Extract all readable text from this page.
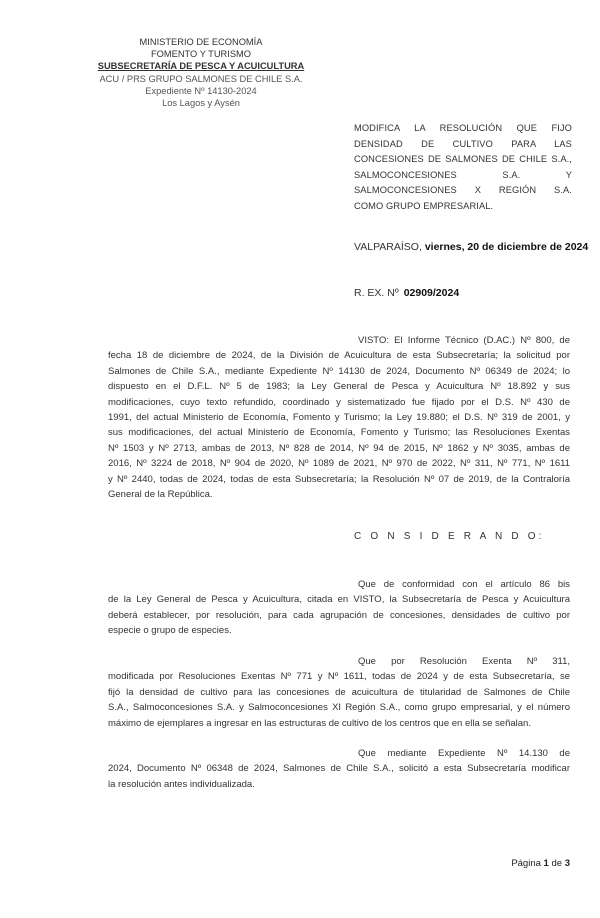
MINISTERIO DE ECONOMÍA
FOMENTO Y TURISMO
SUBSECRETARÍA DE PESCA Y ACUICULTURA
ACU / PRS GRUPO SALMONES DE CHILE S.A.
Expediente Nº 14130-2024
Los Lagos y Aysén
MODIFICA LA RESOLUCIÓN QUE FIJO
DENSIDAD DE CULTIVO PARA LAS
CONCESIONES DE SALMONES DE CHILE S.A.,
SALMOCONCESIONES S.A. Y
SALMOCONCESIONES X REGIÓN S.A.
COMO GRUPO EMPRESARIAL.
VALPARAÍSO, viernes, 20 de diciembre de 2024
R. EX. Nº 02909/2024
VISTO: El Informe Técnico (D.AC.) Nº 800, de
fecha 18 de diciembre de 2024, de la División de Acuicultura de esta Subsecretaría; la solicitud por
Salmones de Chile S.A., mediante Expediente Nº 14130 de 2024, Documento Nº 06349 de 2024; lo
dispuesto en el D.F.L. Nº 5 de 1983; la Ley General de Pesca y Acuicultura Nº 18.892 y sus
modificaciones, cuyo texto refundido, coordinado y sistematizado fue fijado por el D.S. Nº 430 de
1991, del actual Ministerio de Economía, Fomento y Turismo; la Ley 19.880; el D.S. Nº 319 de 2001, y
sus modificaciones, del actual Ministerio de Economía, Fomento y Turismo; las Resoluciones Exentas
Nº 1503 y Nº 2713, ambas de 2013, Nº 828 de 2014, Nº 94 de 2015, Nº 1862 y Nº 3035, ambas de
2016, Nº 3224 de 2018, Nº 904 de 2020, Nº 1089 de 2021, Nº 970 de 2022, Nº 311, Nº 771, Nº 1611
y Nº 2440, todas de 2024, todas de esta Subsecretaría; la Resolución Nº 07 de 2019, de la Contraloría
General de la República.
C O N S I D E R A N D O:
Que de conformidad con el artículo 86 bis
de la Ley General de Pesca y Acuicultura, citada en VISTO, la Subsecretaría de Pesca y Acuicultura
deberá establecer, por resolución, para cada agrupación de concesiones, densidades de cultivo por
especie o grupo de especies.
Que por Resolución Exenta Nº 311,
modificada por Resoluciones Exentas Nº 771 y Nº 1611, todas de 2024 y de esta Subsecretaría, se
fijó la densidad de cultivo para las concesiones de acuicultura de titularidad de Salmones de Chile
S.A., Salmoconcesiones S.A. y Salmoconcesiones XI Región S.A., como grupo empresarial, y el número
máximo de ejemplares a ingresar en las estructuras de cultivo de los centros que en ella se señalan.
Que mediante Expediente Nº 14.130 de
2024, Documento Nº 06348 de 2024, Salmones de Chile S.A., solicitó a esta Subsecretaría modificar
la resolución antes individualizada.
Página 1 de 3
